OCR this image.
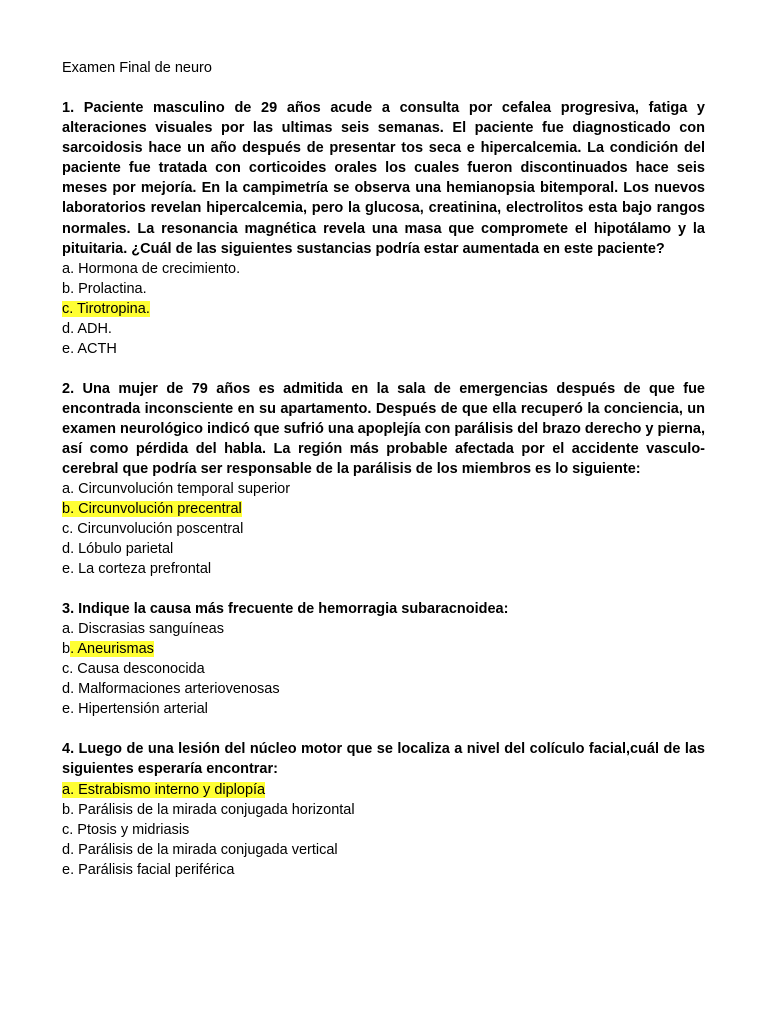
Examen Final de neuro

1. Paciente masculino de 29 años acude a consulta por cefalea progresiva, fatiga y alteraciones visuales por las ultimas seis semanas. El paciente fue diagnosticado con sarcoidosis hace un año después de presentar tos seca e hipercalcemia. La condición del paciente fue tratada con corticoides orales los cuales fueron discontinuados hace seis meses por mejoría. En la campimetría se observa una hemianopsia bitemporal. Los nuevos laboratorios revelan hipercalcemia, pero la glucosa, creatinina, electrolitos esta bajo rangos normales. La resonancia magnética revela una masa que compromete el hipotálamo y la pituitaria. ¿Cuál de las siguientes sustancias podría estar aumentada en este paciente?

a. Hormona de crecimiento.
b. Prolactina.
c. Tirotropina.
d. ADH.
e. ACTH

2. Una mujer de 79 años es admitida en la sala de emergencias después de que fue encontrada inconsciente en su apartamento. Después de que ella recuperó la conciencia, un examen neurológico indicó que sufrió una apoplejía con parálisis del brazo derecho y pierna, así como pérdida del habla. La región más probable afectada por el accidente vasculo-cerebral que podría ser responsable de la parálisis de los miembros es lo siguiente:

a. Circunvolución temporal superior
b. Circunvolución precentral
c. Circunvolución poscentral
d. Lóbulo parietal
e. La corteza prefrontal

3. Indique la causa más frecuente de hemorragia subaracnoidea:

a. Discrasias sanguíneas
b. Aneurismas
c. Causa desconocida
d. Malformaciones arteriovenosas
e. Hipertensión arterial

4. Luego de una lesión del núcleo motor que se localiza a nivel del colículo facial,cuál de las siguientes esperaría encontrar:

a. Estrabismo interno y diplopía
b. Parálisis de la mirada conjugada horizontal
c. Ptosis y midriasis
d. Parálisis de la mirada conjugada vertical
e. Parálisis facial periférica
